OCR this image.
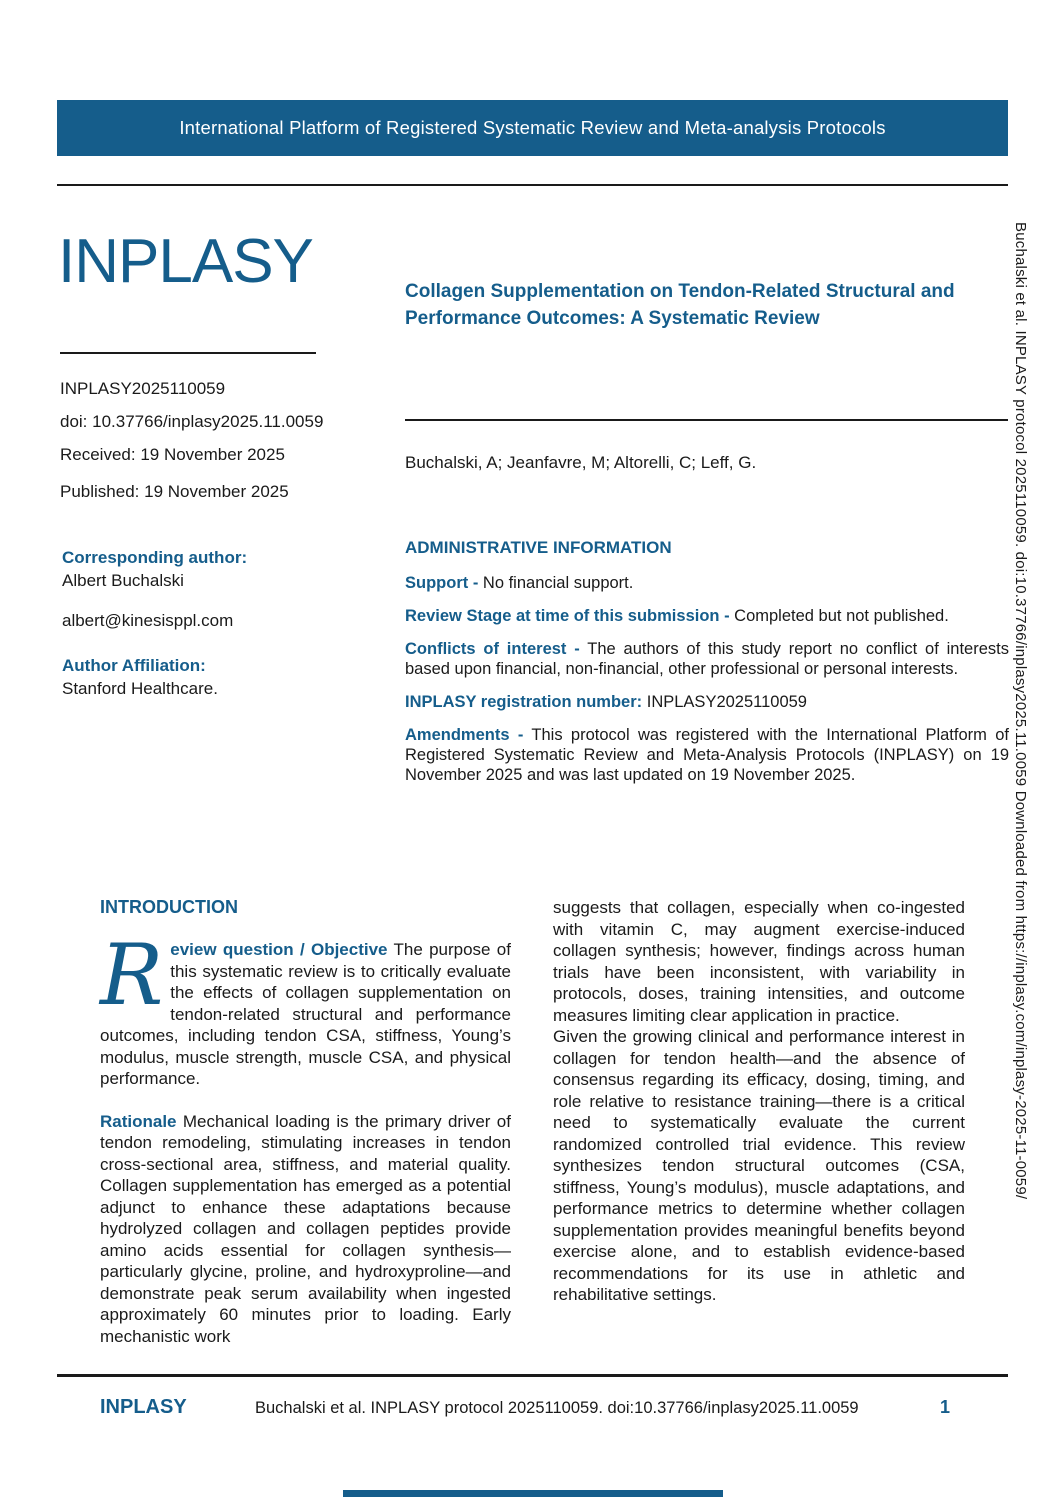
International Platform of Registered Systematic Review and Meta-analysis Protocols
INPLASY

INPLASY2025110059

doi: 10.37766/inplasy2025.11.0059

Received: 19 November 2025

Published: 19 November 2025

Corresponding author:

Albert Buchalski

albert@kinesisppl.com

Author Affiliation:

Stanford Healthcare.

Collagen Supplementation on Tendon-Related Structural and Performance Outcomes: A Systematic Review
Buchalski, A; Jeanfavre, M; Altorelli, C; Leff, G.

ADMINISTRATIVE INFORMATION

Support - No financial support.

Review Stage at time of this submission - Completed but not published.

Conflicts of interest - The authors of this study report no conflict of interests based upon financial, non-financial, other professional or personal interests.

INPLASY registration number: INPLASY2025110059

Amendments - This protocol was registered with the International Platform of Registered Systematic Review and Meta-Analysis Protocols (INPLASY) on 19 November 2025 and was last updated on 19 November 2025.

INTRODUCTION

Review question / Objective The purpose of this systematic review is to critically evaluate the effects of collagen supplementation on tendon-related structural and performance outcomes, including tendon CSA, stiffness, Young’s modulus, muscle strength, muscle CSA, and physical performance.

Rationale Mechanical loading is the primary driver of tendon remodeling, stimulating increases in tendon cross-sectional area, stiffness, and material quality. Collagen supplementation has emerged as a potential adjunct to enhance these adaptations because hydrolyzed collagen and collagen peptides provide amino acids essential for collagen synthesis—particularly glycine, proline, and hydroxyproline—and demonstrate peak serum availability when ingested approximately 60 minutes prior to loading. Early mechanistic work

suggests that collagen, especially when co-ingested with vitamin C, may augment exercise-induced collagen synthesis; however, findings across human trials have been inconsistent, with variability in protocols, doses, training intensities, and outcome measures limiting clear application in practice.

Given the growing clinical and performance interest in collagen for tendon health—and the absence of consensus regarding its efficacy, dosing, timing, and role relative to resistance training—there is a critical need to systematically evaluate the current randomized controlled trial evidence. This review synthesizes tendon structural outcomes (CSA, stiffness, Young’s modulus), muscle adaptations, and performance metrics to determine whether collagen supplementation provides meaningful benefits beyond exercise alone, and to establish evidence-based recommendations for its use in athletic and rehabilitative settings.

INPLASY	Buchalski et al. INPLASY protocol 2025110059. doi:10.37766/inplasy2025.11.0059	1
Buchalski et al. INPLASY protocol 2025110059. doi:10.37766/inplasy2025.11.0059 Downloaded from https://inplasy.com/inplasy-2025-11-0059/
